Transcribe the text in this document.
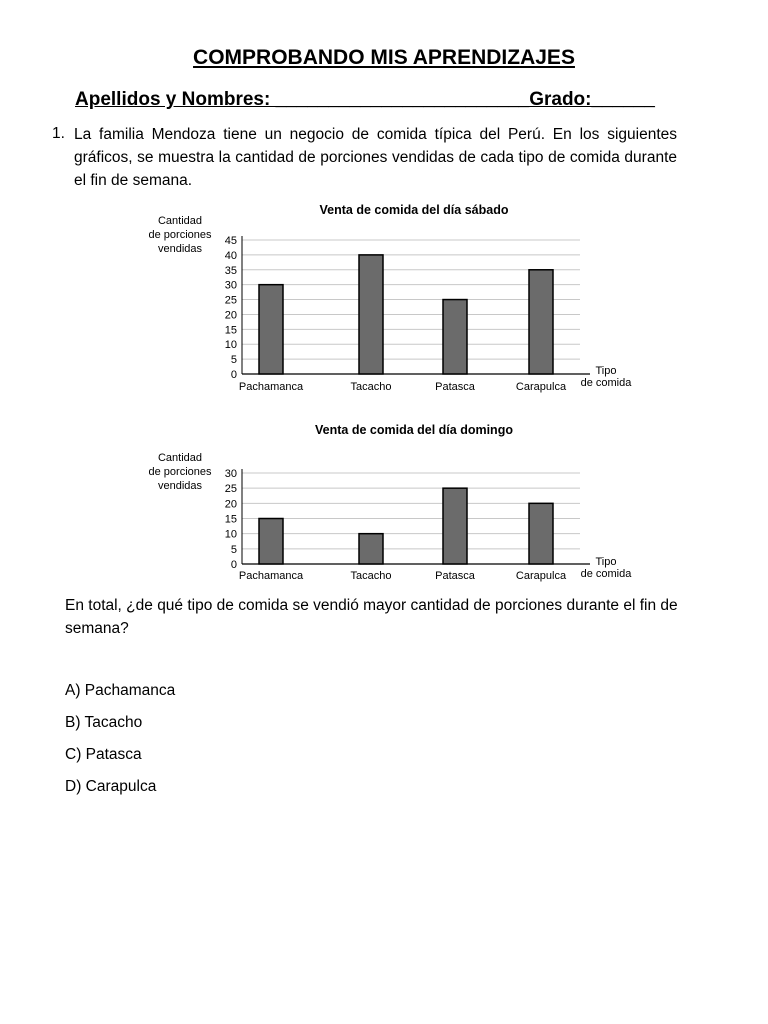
COMPROBANDO MIS APRENDIZAJES
Apellidos y Nombres: ________________________Grado:______
1. La familia Mendoza tiene un negocio de comida típica del Perú. En los siguientes gráficos, se muestra la cantidad de porciones vendidas de cada tipo de comida durante el fin de semana.
Venta de comida del día sábado
Cantidad
de porciones
vendidas
0
5
10
15
20
25
30
35
40
45
Pachamanca	Tacacho	Patasca	Carapulca
Tipo
de comida
Venta de comida del día domingo
Cantidad
de porciones
vendidas
0
5
10
15
20
25
30
Pachamanca	Tacacho	Patasca	Carapulca
Tipo
de comida
En total, ¿de qué tipo de comida se vendió mayor cantidad de porciones durante el fin de semana?
A) Pachamanca
B) Tacacho
C) Patasca
D) Carapulca
